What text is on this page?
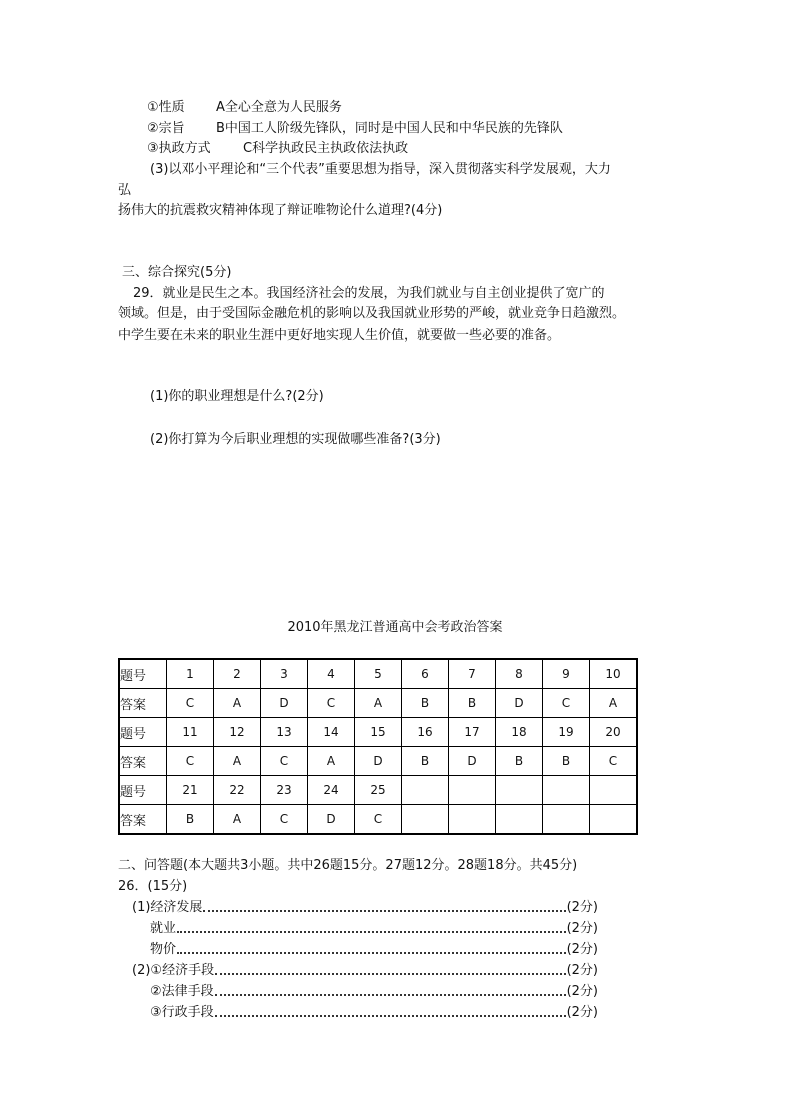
①性质 A全心全意为人民服务
②宗旨 B中国工人阶级先锋队，同时是中国人民和中华民族的先锋队
③执政方式 C科学执政民主执政依法执政
(3)以邓小平理论和“三个代表”重要思想为指导，深入贯彻落实科学发展观，大力
弘
扬伟大的抗震救灾精神体现了辩证唯物论什么道理?(4分)
三、综合探究(5分)
29．就业是民生之本。我国经济社会的发展，为我们就业与自主创业提供了宽广的
领域。但是，由于受国际金融危机的影响以及我国就业形势的严峻，就业竞争日趋激烈。
中学生要在未来的职业生涯中更好地实现人生价值，就要做一些必要的准备。
(1)你的职业理想是什么?(2分)
(2)你打算为今后职业理想的实现做哪些准备?(3分)
2010年黑龙江普通高中会考政治答案
题号	1	2	3	4	5	6	7	8	9	10
答案	C	A	D	C	A	B	B	D	C	A
题号	11	12	13	14	15	16	17	18	19	20
答案	C	A	C	A	D	B	D	B	B	C
题号	21	22	23	24	25					
答案	B	A	C	D	C					
二、问答题(本大题共3小题。共中26题15分。27题12分。28题18分。共45分)
26．(15分)
(1)经济发展	(2分)
就业	(2分)
物价	(2分)
(2)①经济手段	(2分)
②法律手段	(2分)
③行政手段	(2分)
